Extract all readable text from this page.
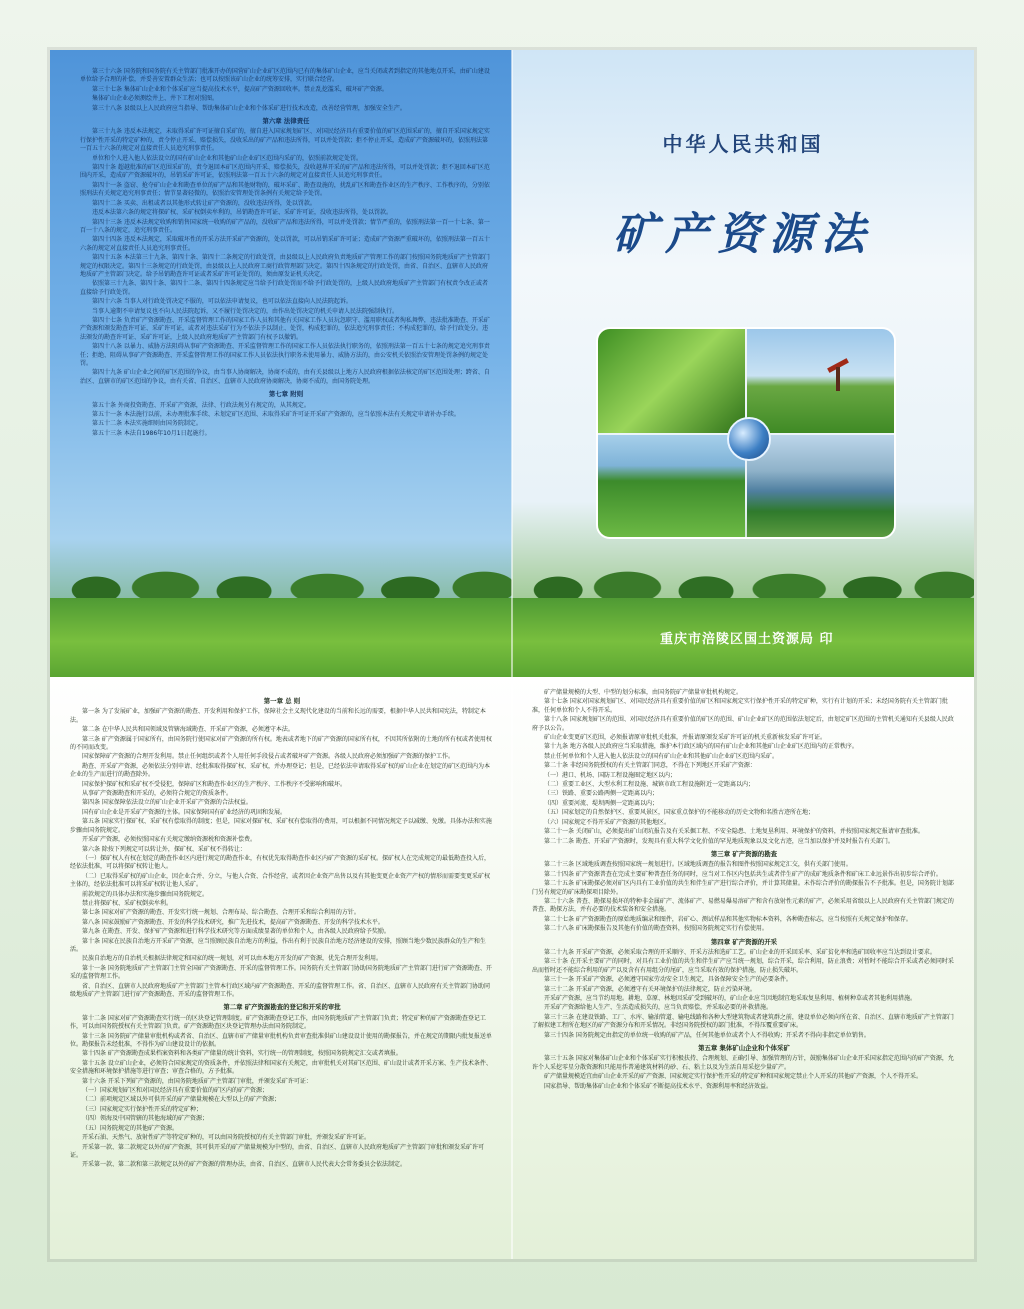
第三十六条 国务院和国务院有关主管部门批准开办的国营矿山企业矿区范围内已有的集体矿山企业，应当关闭或者到指定的其他地点开采，由矿山建设单位给予合理的补偿，并妥善安置群众生活；也可以按照该矿山企业的统筹安排，实行联合经营。
第三十七条 集体矿山企业和个体采矿应当提高技术水平，提高矿产资源回收率。禁止乱挖滥采，破坏矿产资源。
集体矿山企业必须测绘井上、井下工程对照图。
第三十八条 县级以上人民政府应当指导、帮助集体矿山企业和个体采矿进行技术改造，改善经营管理，加强安全生产。
第六章 法律责任
第三十九条 违反本法规定，未取得采矿许可证擅自采矿的，擅自进入国家规划矿区、对国民经济具有重要价值的矿区范围采矿的，擅自开采国家规定实行保护性开采的特定矿种的，责令停止开采、赔偿损失，没收采出的矿产品和违法所得，可以并处罚款；拒不停止开采，造成矿产资源破坏的，依照刑法第一百五十六条的规定对直接责任人员追究刑事责任。
单位和个人进入他人依法设立的国有矿山企业和其他矿山企业矿区范围内采矿的，依照前款规定处罚。
第四十条 超越批准的矿区范围采矿的，责令退回本矿区范围内开采、赔偿损失，没收越界开采的矿产品和违法所得，可以并处罚款；拒不退回本矿区范围内开采，造成矿产资源破坏的，吊销采矿许可证，依照刑法第一百五十六条的规定对直接责任人员追究刑事责任。
第四十一条 盗窃、抢夺矿山企业和勘查单位的矿产品和其他财物的，破坏采矿、勘查设施的，扰乱矿区和勘查作业区的生产秩序、工作秩序的，分别依照刑法有关规定追究刑事责任；情节显著轻微的，依照治安管理处罚条例有关规定给予处罚。
第四十二条 买卖、出租或者以其他形式转让矿产资源的，没收违法所得，处以罚款。
违反本法第六条的规定将探矿权、采矿权倒卖牟利的，吊销勘查许可证、采矿许可证，没收违法所得，处以罚款。
第四十三条 违反本法规定收购和销售国家统一收购的矿产品的，没收矿产品和违法所得，可以并处罚款；情节严重的，依照刑法第一百一十七条、第一百一十八条的规定，追究刑事责任。
第四十四条 违反本法规定，采取破坏性的开采方法开采矿产资源的，处以罚款，可以吊销采矿许可证；造成矿产资源严重破坏的，依照刑法第一百五十六条的规定对直接责任人员追究刑事责任。
第四十五条 本法第三十九条、第四十条、第四十二条规定的行政处罚，由县级以上人民政府负责地质矿产管理工作的部门按照国务院地质矿产主管部门规定的权限决定。第四十三条规定的行政处罚，由县级以上人民政府工商行政管理部门决定。第四十四条规定的行政处罚，由省、自治区、直辖市人民政府地质矿产主管部门决定。给予吊销勘查许可证或者采矿许可证处罚的，须由原发证机关决定。
依照第三十九条、第四十条、第四十二条、第四十四条规定应当给予行政处罚而不给予行政处罚的，上级人民政府地质矿产主管部门有权责令改正或者直接给予行政处罚。
第四十六条 当事人对行政处罚决定不服的，可以依法申请复议，也可以依法直接向人民法院起诉。
当事人逾期不申请复议也不向人民法院起诉，又不履行处罚决定的，由作出处罚决定的机关申请人民法院强制执行。
第四十七条 负责矿产资源勘查、开采监督管理工作的国家工作人员和其他有关国家工作人员玩忽职守、滥用职权或者徇私舞弊，违法批准勘查、开采矿产资源和颁发勘查许可证、采矿许可证，或者对违法采矿行为不依法予以制止、处罚，构成犯罪的，依法追究刑事责任；不构成犯罪的，给予行政处分。违法颁发的勘查许可证、采矿许可证，上级人民政府地质矿产主管部门有权予以撤销。
第四十八条 以暴力、威胁方法阻碍从事矿产资源勘查、开采监督管理工作的国家工作人员依法执行职务的，依照刑法第一百五十七条的规定追究刑事责任；拒绝、阻碍从事矿产资源勘查、开采监督管理工作的国家工作人员依法执行职务未使用暴力、威胁方法的，由公安机关依照治安管理处罚条例的规定处罚。
第四十九条 矿山企业之间的矿区范围的争议，由当事人协商解决，协商不成的，由有关县级以上地方人民政府根据依法核定的矿区范围处理；跨省、自治区、直辖市的矿区范围的争议，由有关省、自治区、直辖市人民政府协商解决，协商不成的，由国务院处理。
第七章 附则
第五十条 外商投资勘查、开采矿产资源，法律、行政法规另有规定的，从其规定。
第五十一条 本法施行以前，未办理批准手续、未划定矿区范围、未取得采矿许可证开采矿产资源的，应当依照本法有关规定申请补办手续。
第五十二条 本法实施细则由国务院制定。
第五十三条 本法自1986年10月1日起施行。
中华人民共和国
矿产资源法
重庆市涪陵区国土资源局 印
第一章 总 则
第一条 为了发展矿业，加强矿产资源的勘查、开发利用和保护工作，保障社会主义现代化建设的当前和长远的需要，根据中华人民共和国宪法，特制定本法。
第二条 在中华人民共和国领域及管辖海域勘查、开采矿产资源，必须遵守本法。
第三条 矿产资源属于国家所有，由国务院行使国家对矿产资源的所有权。地表或者地下的矿产资源的国家所有权，不因其所依附的土地的所有权或者使用权的不同而改变。
国家保障矿产资源的合理开发利用。禁止任何组织或者个人用任何手段侵占或者破坏矿产资源。各级人民政府必须加强矿产资源的保护工作。
勘查、开采矿产资源，必须依法分别申请、经批准取得探矿权、采矿权，并办理登记；但是，已经依法申请取得采矿权的矿山企业在划定的矿区范围内为本企业的生产而进行的勘查除外。
国家保护探矿权和采矿权不受侵犯，保障矿区和勘查作业区的生产秩序、工作秩序不受影响和破坏。
从事矿产资源勘查和开采的，必须符合规定的资质条件。
第四条 国家保障依法设立的矿山企业开采矿产资源的合法权益。
国有矿山企业是开采矿产资源的主体。国家保障国有矿业经济的巩固和发展。
第五条 国家实行探矿权、采矿权有偿取得的制度；但是，国家对探矿权、采矿权有偿取得的费用，可以根据不同情况规定予以减缴、免缴。具体办法和实施步骤由国务院规定。
开采矿产资源，必须按照国家有关规定缴纳资源税和资源补偿费。
第六条 除按下列规定可以转让外，探矿权、采矿权不得转让：
（一）探矿权人有权在划定的勘查作业区内进行规定的勘查作业，有权优先取得勘查作业区内矿产资源的采矿权。探矿权人在完成规定的最低勘查投入后，经依法批准，可以将探矿权转让他人。
（二）已取得采矿权的矿山企业，因企业合并、分立，与他人合资、合作经营，或者因企业资产出售以及有其他变更企业资产产权的情形而需要变更采矿权主体的，经依法批准可以将采矿权转让他人采矿。
前款规定的具体办法和实施步骤由国务院规定。
禁止将探矿权、采矿权倒卖牟利。
第七条 国家对矿产资源的勘查、开发实行统一规划、合理布局、综合勘查、合理开采和综合利用的方针。
第八条 国家鼓励矿产资源勘查、开发的科学技术研究，推广先进技术，提高矿产资源勘查、开发的科学技术水平。
第九条 在勘查、开发、保护矿产资源和进行科学技术研究等方面成绩显著的单位和个人，由各级人民政府给予奖励。
第十条 国家在民族自治地方开采矿产资源，应当照顾民族自治地方的利益，作出有利于民族自治地方经济建设的安排，照顾当地少数民族群众的生产和生活。
民族自治地方的自治机关根据法律规定和国家的统一规划，对可以由本地方开发的矿产资源，优先合理开发利用。
第十一条 国务院地质矿产主管部门主管全国矿产资源勘查、开采的监督管理工作。国务院有关主管部门协助国务院地质矿产主管部门进行矿产资源勘查、开采的监督管理工作。
省、自治区、直辖市人民政府地质矿产主管部门主管本行政区域内矿产资源勘查、开采的监督管理工作。省、自治区、直辖市人民政府有关主管部门协助同级地质矿产主管部门进行矿产资源勘查、开采的监督管理工作。
第二章 矿产资源勘查的登记和开采的审批
第十二条 国家对矿产资源勘查实行统一的区块登记管理制度。矿产资源勘查登记工作，由国务院地质矿产主管部门负责；特定矿种的矿产资源勘查登记工作，可以由国务院授权有关主管部门负责。矿产资源勘查区块登记管理办法由国务院制定。
第十三条 国务院矿产储量审批机构或者省、自治区、直辖市矿产储量审批机构负责审查批准供矿山建设设计使用的勘探报告，并在规定的期限内批复报送单位。勘探报告未经批准，不得作为矿山建设设计的依据。
第十四条 矿产资源勘查成果档案资料和各类矿产储量的统计资料，实行统一的管理制度，按照国务院规定汇交或者填报。
第十五条 设立矿山企业，必须符合国家规定的资质条件，并依照法律和国家有关规定，由审批机关对其矿区范围、矿山设计或者开采方案、生产技术条件、安全措施和环境保护措施等进行审查；审查合格的，方予批准。
第十六条 开采下列矿产资源的，由国务院地质矿产主管部门审批，并颁发采矿许可证：
（一）国家规划矿区和对国民经济具有重要价值的矿区内的矿产资源；
（二）前项规定区域以外可供开采的矿产储量规模在大型以上的矿产资源；
（三）国家规定实行保护性开采的特定矿种；
（四）领海及中国管辖的其他海域的矿产资源；
（五）国务院规定的其他矿产资源。
开采石油、天然气、放射性矿产等特定矿种的，可以由国务院授权的有关主管部门审批，并颁发采矿许可证。
开采第一款、第二款规定以外的矿产资源，其可供开采的矿产储量规模为中型的，由省、自治区、直辖市人民政府地质矿产主管部门审批和颁发采矿许可证。
开采第一款、第二款和第三款规定以外的矿产资源的管理办法，由省、自治区、直辖市人民代表大会常务委员会依法制定。
矿产储量规模的大型、中型的划分标准，由国务院矿产储量审批机构规定。
第十七条 国家对国家规划矿区、对国民经济具有重要价值的矿区和国家规定实行保护性开采的特定矿种，实行有计划的开采；未经国务院有关主管部门批准，任何单位和个人不得开采。
第十八条 国家规划矿区的范围、对国民经济具有重要价值的矿区的范围、矿山企业矿区的范围依法划定后，由划定矿区范围的主管机关通知有关县级人民政府予以公告。
矿山企业变更矿区范围，必须报请原审批机关批准，并报请原颁发采矿许可证的机关重新核发采矿许可证。
第十九条 地方各级人民政府应当采取措施，维护本行政区域内的国有矿山企业和其他矿山企业矿区范围内的正常秩序。
禁止任何单位和个人进入他人依法设立的国有矿山企业和其他矿山企业矿区范围内采矿。
第二十条 非经国务院授权的有关主管部门同意，不得在下列地区开采矿产资源：
（一）港口、机场、国防工程设施圈定地区以内；
（二）重要工业区、大型水利工程设施、城镇市政工程设施附近一定距离以内；
（三）铁路、重要公路两侧一定距离以内；
（四）重要河流、堤坝两侧一定距离以内；
（五）国家划定的自然保护区、重要风景区，国家重点保护的不能移动的历史文物和名胜古迹所在地；
（六）国家规定不得开采矿产资源的其他地区。
第二十一条 关闭矿山，必须提出矿山闭坑报告及有关采掘工程、不安全隐患、土地复垦利用、环境保护的资料，并按照国家规定报请审查批准。
第二十二条 勘查、开采矿产资源时，发现具有重大科学文化价值的罕见地质现象以及文化古迹，应当加以保护并及时报告有关部门。
第三章 矿产资源的勘查
第二十三条 区域地质调查按照国家统一规划进行。区域地质调查的报告和图件按照国家规定汇交，供有关部门使用。
第二十四条 矿产资源普查在完成主要矿种普查任务的同时，应当对工作区内包括共生或者伴生矿产的成矿地质条件和矿床工业远景作出初步综合评价。
第二十五条 矿床勘探必须对矿区内具有工业价值的共生和伴生矿产进行综合评价，并计算其储量。未作综合评价的勘探报告不予批准。但是，国务院计划部门另有规定的矿床勘探项目除外。
第二十六条 普查、勘探易损坏的特种非金属矿产、流体矿产、易燃易爆易溶矿产和含有放射性元素的矿产，必须采用省级以上人民政府有关主管部门规定的普查、勘探方法，并有必要的技术装备和安全措施。
第二十七条 矿产资源勘查的原始地质编录和图件，岩矿心、测试样品和其他实物标本资料，各种勘查标志，应当按照有关规定保护和保存。
第二十八条 矿床勘探报告及其他有价值的勘查资料，按照国务院规定实行有偿使用。
第四章 矿产资源的开采
第二十九条 开采矿产资源，必须采取合理的开采顺序、开采方法和选矿工艺。矿山企业的开采回采率、采矿贫化率和选矿回收率应当达到设计要求。
第三十条 在开采主要矿产的同时，对具有工业价值的共生和伴生矿产应当统一规划，综合开采，综合利用，防止浪费；对暂时不能综合开采或者必须同时采出而暂时还不能综合利用的矿产以及含有有用组分的尾矿，应当采取有效的保护措施，防止损失破坏。
第三十一条 开采矿产资源，必须遵守国家劳动安全卫生规定，具备保障安全生产的必要条件。
第三十二条 开采矿产资源，必须遵守有关环境保护的法律规定，防止污染环境。
开采矿产资源，应当节约用地。耕地、草原、林地因采矿受到破坏的，矿山企业应当因地制宜地采取复垦利用、植树种草或者其他利用措施。
开采矿产资源给他人生产、生活造成损失的，应当负责赔偿，并采取必要的补救措施。
第三十三条 在建设铁路、工厂、水库、输油管道、输电线路和各种大型建筑物或者建筑群之前，建设单位必须向所在省、自治区、直辖市地质矿产主管部门了解拟建工程所在地区的矿产资源分布和开采情况。非经国务院授权的部门批准，不得压覆重要矿床。
第三十四条 国务院规定由指定的单位统一收购的矿产品，任何其他单位或者个人不得收购；开采者不得向非指定单位销售。
第五章 集体矿山企业和个体采矿
第三十五条 国家对集体矿山企业和个体采矿实行积极扶持、合理规划、正确引导、加强管理的方针，鼓励集体矿山企业开采国家指定范围内的矿产资源，允许个人采挖零星分散资源和只能用作普通建筑材料的砂、石、粘土以及为生活自用采挖少量矿产。
矿产储量规模适宜由矿山企业开采的矿产资源、国家规定实行保护性开采的特定矿种和国家规定禁止个人开采的其他矿产资源，个人不得开采。
国家指导、帮助集体矿山企业和个体采矿不断提高技术水平、资源利用率和经济效益。
